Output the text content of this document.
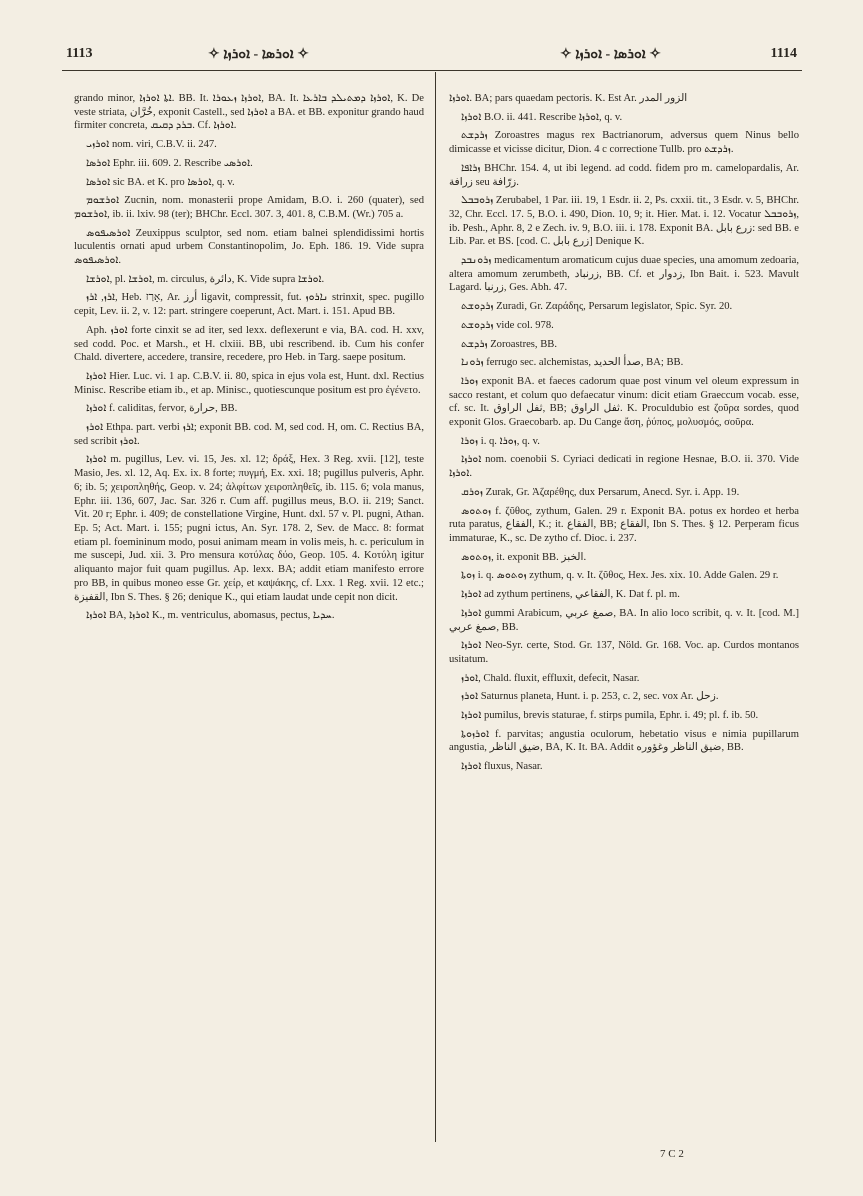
1113	✧ ܐܘܪܣܐ - ܐܘܪܙܐ ✧	✧ ܐܘܪܣܐ - ܐܘܪܙܐ ✧	1114

grando minor, ܐܬܐ ܐܘܪܙܐ. BB. It. ܐܘܪܙܐ ܙܥܘܪܐ, BA. It. ܐܘܪܙܐ ܕܡܬܝܠܕ ܒܐܪܥܐ, K. De veste striata, خُرَّان, exponit Castell., sed ܐܘܪܙܐ a BA. et BB. exponitur grando haud firmiter concreta, ܒܪܕ ܕܩܝܩ. Cf. ܐܘܪܙܐ.

ܐܘܪܙܝ nom. viri, C.B.V. ii. 247.

ܐܘܪܣܐ Ephr. iii. 609. 2. Rescribe ܐܘܪܣܝ.

ܐܘܪܣܐ sic BA. et K. pro ܐܘܪܣܐ, q. v.

ܐܘܪܫܘܡ Zucnin, nom. monasterii prope Amidam, B.O. i. 260 (quater), sed ܐܘܪܫܘܡ, ib. ii. lxiv. 98 (ter); BHChr. Eccl. 307. 3, 401. 8, C.B.M. (Wr.) 705 a.

ܐܘܪܣܝܦܘܣ Zeuxippus sculptor, sed nom. etiam balnei splendidissimi hortis luculentis ornati apud urbem Constantinopolim, Jo. Eph. 186. 19. Vide supra ܐܘܪܣܝܦܘܣ.

ܐܘܪܫܐ, pl. ܐܘܪܫܐ, m. circulus, دائرة, K. Vide supra ܐܘܪܫܐ.

ܐܪܙ, ܐܪܙ, Heb. אָרַז, Ar. أرز ligavit, compressit, fut. ܢܐܪܘܙ strinxit, spec. pugillo cepit, Lev. ii. 2, v. 12: part. stringere coeperunt, Act. Mart. i. 151. Apud BB.

Aph. ܐܘܪܙ forte cinxit se ad iter, sed lexx. deflexerunt e via, BA. cod. H. xxv, sed codd. Poc. et Marsh., et H. clxiii. BB, ubi rescribend. ib. Cum his confer Chald. divertere, accedere, transire, recedere, pro Heb. in Targ. saepe positum.

ܐܘܪܙܐ Hier. Luc. vi. 1 ap. C.B.V. ii. 80, spica in ejus vola est, Hunt. dxl. Rectius Minisc. Rescribe etiam ib., et ap. Minisc., quotiescunque positum est pro ἐγένετο.

ܐܘܪܙܐ f. caliditas, fervor, حرارة, BB.

ܐܘܪܙ Ethpa. part. verbi ܐܪܙ; exponit BB. cod. M, sed cod. H, om. C. Rectius BA, sed scribit ܐܘܪܙ.

ܐܘܪܙܐ m. pugillus, Lev. vi. 15, Jes. xl. 12; δράξ, Hex. 3 Reg. xvii. [12], teste Masio, Jes. xl. 12, Aq. Ex. ix. 8 forte; πυγμή, Ex. xxi. 18; pugillus pulveris, Aphr. 6; ib. 5; χειροπληθής, Geop. v. 24; ἀλφίτων χειροπληθεῖς, ib. 115. 6; vola manus, Ephr. iii. 136, 607, Jac. Sar. 326 r. Cum aff. pugillus meus, B.O. ii. 219; Sanct. Vit. 20 r; Ephr. i. 409; de constellatione Virgine, Hunt. dxl. 57 v. Pl. pugni, Athan. Ep. 5; Act. Mart. i. 155; pugni ictus, An. Syr. 178. 2, Sev. de Macc. 8: format etiam pl. foemininum modo, posui animam meam in volis meis, h. c. periculum in me suscepi, Jud. xii. 3. Pro mensura κοτύλας δύο, Geop. 105. 4. Κοτύλη igitur aliquanto major fuit quam pugillus. Ap. lexx. BA; addit etiam manifesto errore pro BB, in quibus moneo esse Gr. χείρ, et καψάκης, cf. Lxx. 1 Reg. xvii. 12 etc.; القفيزة, Ibn S. Thes. § 26; denique K., qui etiam laudat unde cepit non dicit.

ܐܘܪܙܐ BA, ܐܘܪܙܐ K., m. ventriculus, abomasus, pectus, ܚܕܝܐ.

ܐܘܪܙܐ. BA; pars quaedam pectoris. K. Est Ar. الزور المدر

ܐܘܪܙܐ B.O. ii. 441. Rescribe ܐܘܪܙܐ, q. v.

ܙܪܕܫܬ Zoroastres magus rex Bactrianorum, adversus quem Ninus bello dimicasse et vicisse dicitur, Dion. 4 c correctione Tullb. pro ܙܪܕܫܬ.

ܙܪܐܦܐ BHChr. 154. 4, ut ibi legend. ad codd. fidem pro m. camelopardalis, Ar. زرافة seu زرّافة.

ܙܪܘܒܒܠ Zerubabel, 1 Par. iii. 19, 1 Esdr. ii. 2, Ps. cxxii. tit., 3 Esdr. v. 5, BHChr. 32, Chr. Eccl. 17. 5, B.O. i. 490, Dion. 10, 9; it. Hier. Mat. i. 12. Vocatur ܙܪܘܒܒܠ, ib. Pesh., Aphr. 8, 2 e Zech. iv. 9, B.O. iii. i. 178. Exponit BA. زرع بابل: sed BB. e Lib. Par. et BS. [cod. C. زرع بابل] Denique K.

ܙܪܘܢܒܕ medicamentum aromaticum cujus duae species, una amomum zedoaria, altera amomum zerumbeth, زرنباد, BB. Cf. et زدوار, Ibn Bait. i. 523. Mavult Lagard. زرنبا, Ges. Abh. 47.

ܙܪܕܘܫܬ Zuradi, Gr. Ζαράδης, Persarum legislator, Spic. Syr. 20.

ܙܪܕܘܫܬ vide col. 978.

ܙܪܕܫܬ Zoroastres, BB.

ܙܪܘܢܐ ferrugo sec. alchemistas, صدأ الحديد, BA; BB.

ܙܘܪܐ exponit BA. et faeces cadorum quae post vinum vel oleum expressum in sacco restant, et colum quo defaecatur vinum: dicit etiam Graeccum vocab. esse, cf. sc. It. ثفل الراوق, BB; ثفل الراوق. K. Proculdubio est ζοῦρα sordes, quod exponit Glos. Graecobarb. ap. Du Cange ἄση, ῥύπος, μολυσμός, σοῦρα.

ܙܘܪܐ i. q. ܙܘܪܐ, q. v.

ܐܘܪܙܐ nom. coenobii S. Cyriaci dedicati in regione Hesnae, B.O. ii. 370. Vide ܐܘܪܙܐ.

ܙܘܪܩ Zurak, Gr. Ἀζαρέθης, dux Persarum, Anecd. Syr. i. App. 19.

ܙܘܬܘܣ f. ζῦθος, zythum, Galen. 29 r. Exponit BA. potus ex hordeo et herba ruta paratus, الفقاع, K.; it. الفقاع, BB; الفقاع, Ibn S. Thes. § 12. Perperam ficus immaturae, K., sc. De zytho cf. Dioc. i. 237.

ܙܘܬܘܣ, it. exponit BB. الخبز.

ܙܘܬܐ i. q. ܙܘܬܘܣ zythum, q. v. It. ζῦθος, Hex. Jes. xix. 10. Adde Galen. 29 r.

ܐܘܪܙܐ ad zythum pertinens, الفقاعي, K. Dat f. pl. m.

ܐܘܪܙܐ gummi Arabicum, صمغ عربي, BA. In alio loco scribit, q. v. It. [cod. M.] صمغ عربي, BB.

ܐܘܪܙܐ Neo-Syr. certe, Stod. Gr. 137, Nöld. Gr. 168. Voc. ap. Curdos montanos usitatum.

ܐܘܪܙ, Chald. fluxit, effluxit, defecit, Nasar.

ܐܘܪܙ Saturnus planeta, Hunt. i. p. 253, c. 2, sec. vox Ar. زحل.

ܐܘܪܙܐ pumilus, brevis staturae, f. stirps pumila, Ephr. i. 49; pl. f. ib. 50.

ܐܘܪܙܘܬܐ f. parvitas; angustia oculorum, hebetatio visus e nimia pupillarum angustia, ضيق الناظر, BA, K. It. BA. Addit ضيق الناظر وغؤوره, BB.

ܐܘܪܙܐ fluxus, Nasar.

7 C 2
